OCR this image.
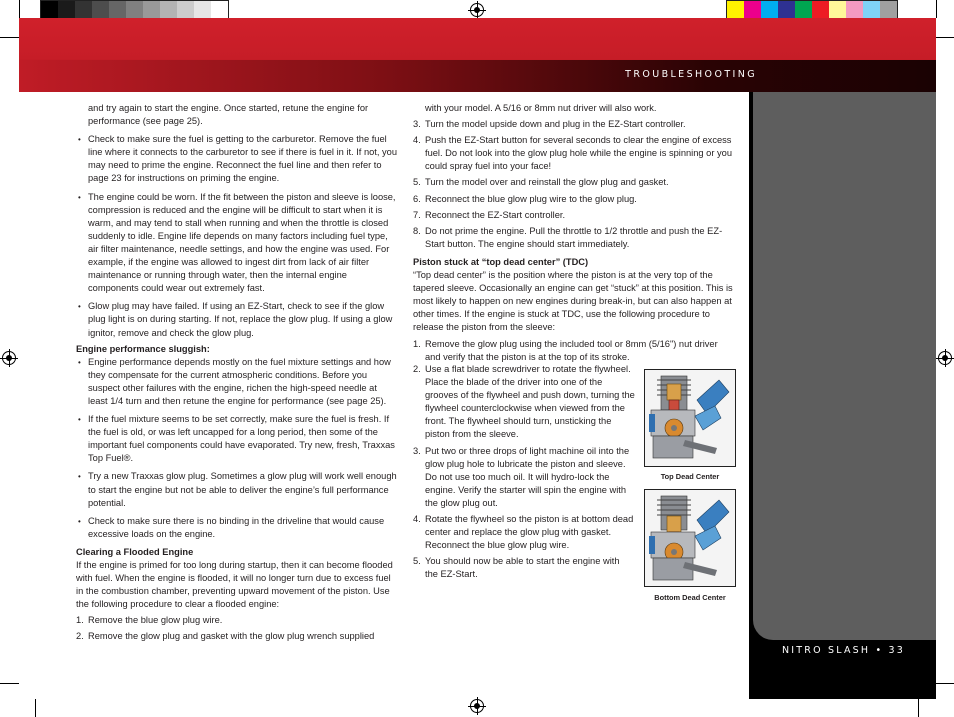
TROUBLESHOOTING
NITRO SLASH • 33

and try again to start the engine. Once started, retune the engine for performance (see page 25).

• Check to make sure the fuel is getting to the carburetor. Remove the fuel line where it connects to the carburetor to see if there is fuel in it. If not, you may need to prime the engine. Reconnect the fuel line and then refer to page 23 for instructions on priming the engine.

• The engine could be worn. If the fit between the piston and sleeve is loose, compression is reduced and the engine will be difficult to start when it is warm, and may tend to stall when running and when the throttle is closed suddenly to idle. Engine life depends on many factors including fuel type, air filter maintenance, needle settings, and how the engine was used. For example, if the engine was allowed to ingest dirt from lack of air filter maintenance or running through water, then the internal engine components could wear out extremely fast.

• Glow plug may have failed. If using an EZ-Start, check to see if the glow plug light is on during starting. If not, replace the glow plug. If using a glow ignitor, remove and check the glow plug.

Engine performance sluggish:

• Engine performance depends mostly on the fuel mixture settings and how they compensate for the current atmospheric conditions. Before you suspect other failures with the engine, richen the high-speed needle at least 1/4 turn and then retune the engine for performance (see page 25).

• If the fuel mixture seems to be set correctly, make sure the fuel is fresh. If the fuel is old, or was left uncapped for a long period, then some of the important fuel components could have evaporated. Try new, fresh, Traxxas Top Fuel®.

• Try a new Traxxas glow plug. Sometimes a glow plug will work well enough to start the engine but not be able to deliver the engine’s full performance potential.

• Check to make sure there is no binding in the driveline that would cause excessive loads on the engine.

Clearing a Flooded Engine

If the engine is primed for too long during startup, then it can become flooded with fuel. When the engine is flooded, it will no longer turn due to excess fuel in the combustion chamber, preventing upward movement of the piston. Use the following procedure to clear a flooded engine:

1. Remove the blue glow plug wire.

2. Remove the glow plug and gasket with the glow plug wrench supplied

with your model. A 5/16 or 8mm nut driver will also work.

3. Turn the model upside down and plug in the EZ-Start controller.

4. Push the EZ-Start button for several seconds to clear the engine of excess fuel. Do not look into the glow plug hole while the engine is spinning or you could spray fuel into your face!

5. Turn the model over and reinstall the glow plug and gasket.

6. Reconnect the blue glow plug wire to the glow plug.

7. Reconnect the EZ-Start controller.

8. Do not prime the engine. Pull the throttle to 1/2 throttle and push the EZ-Start button. The engine should start immediately.

Piston stuck at “top dead center” (TDC)

“Top dead center” is the position where the piston is at the very top of the tapered sleeve. Occasionally an engine can get “stuck” at this position. This is most likely to happen on new engines during break-in, but can also happen at other times. If the engine is stuck at TDC, use the following procedure to release the piston from the sleeve:

1. Remove the glow plug using the included tool or 8mm (5/16") nut driver and verify that the piston is at the top of its stroke.

2. Use a flat blade screwdriver to rotate the flywheel. Place the blade of the driver into one of the grooves of the flywheel and push down, turning the flywheel counterclockwise when viewed from the front. The flywheel should turn, unsticking the piston from the sleeve.

3. Put two or three drops of light machine oil into the glow plug hole to lubricate the piston and sleeve. Do not use too much oil. It will hydro-lock the engine. Verify the starter will spin the engine with the glow plug out.

4. Rotate the flywheel so the piston is at bottom dead center and replace the glow plug with gasket. Reconnect the blue glow plug wire.

5. You should now be able to start the engine with the EZ-Start.

Top Dead Center
Bottom Dead Center
